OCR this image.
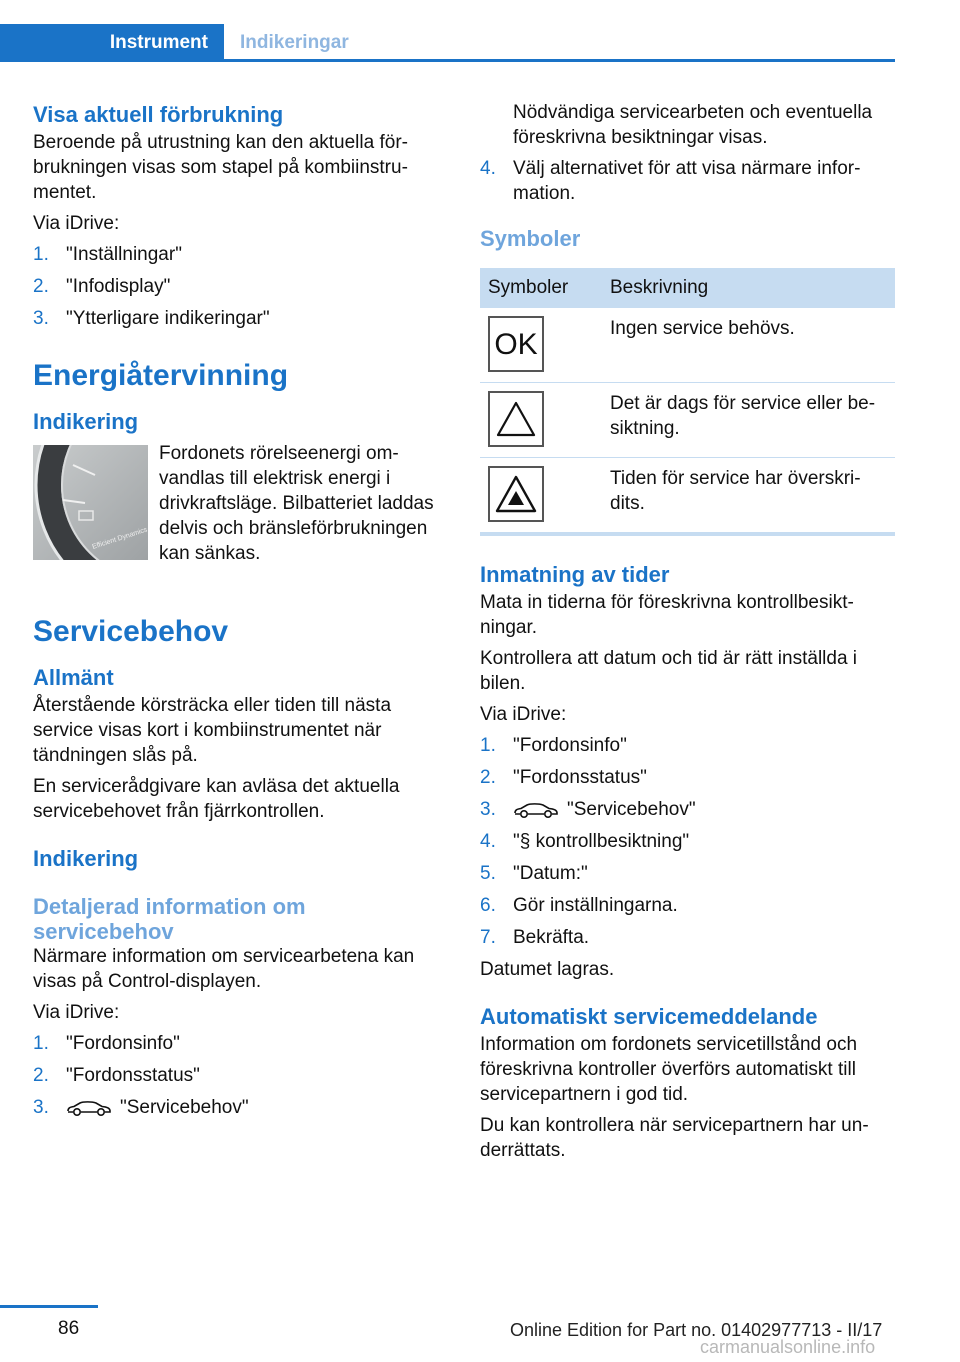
Instrument	Indikeringar
Visa aktuell förbrukning

Beroende på utrustning kan den aktuella förbrukningen visas som stapel på kombiinstrumentet.

Via iDrive:

1. "Inställningar"
2. "Infodisplay"
3. "Ytterligare indikeringar"
Energiåtervinning
Indikering
Efficient Dynamics

Fordonets rörelseenergi omvandlas till elektrisk energi i drivkraftsläge. Bilbatteriet laddas delvis och bränsleförbrukningen kan sänkas.

Servicebehov
Allmänt

Återstående körsträcka eller tiden till nästa service visas kort i kombiinstrumentet när tändningen slås på.

En servicerådgivare kan avläsa det aktuella servicebehovet från fjärrkontrollen.

Indikering
Detaljerad information om servicebehov

Närmare information om servicearbetena kan visas på Control-displayen.

Via iDrive:

1. "Fordonsinfo"
2. "Fordonsstatus"
3.	"Servicebehov"

Nödvändiga servicearbeten och eventuella föreskrivna besiktningar visas.

4. Välj alternativet för att visa närmare information.
Symboler
Symboler	Beskrivning

OK	Ingen service behövs.

	Det är dags för service eller besiktning.

	Tiden för service har överskridits.
Inmatning av tider

Mata in tiderna för föreskrivna kontrollbesiktningar.

Kontrollera att datum och tid är rätt inställda i bilen.

Via iDrive:

1. "Fordonsinfo"
2. "Fordonsstatus"
3.	"Servicebehov"
4. "§ kontrollbesiktning"
5. "Datum:"
6. Gör inställningarna.
7. Bekräfta.

Datumet lagras.

Automatiskt servicemeddelande

Information om fordonets servicetillstånd och föreskrivna kontroller överförs automatiskt till servicepartnern i god tid.

Du kan kontrollera när servicepartnern har underrättats.

86	Online Edition for Part no. 01402977713 - II/17
carmanualsonline.info
